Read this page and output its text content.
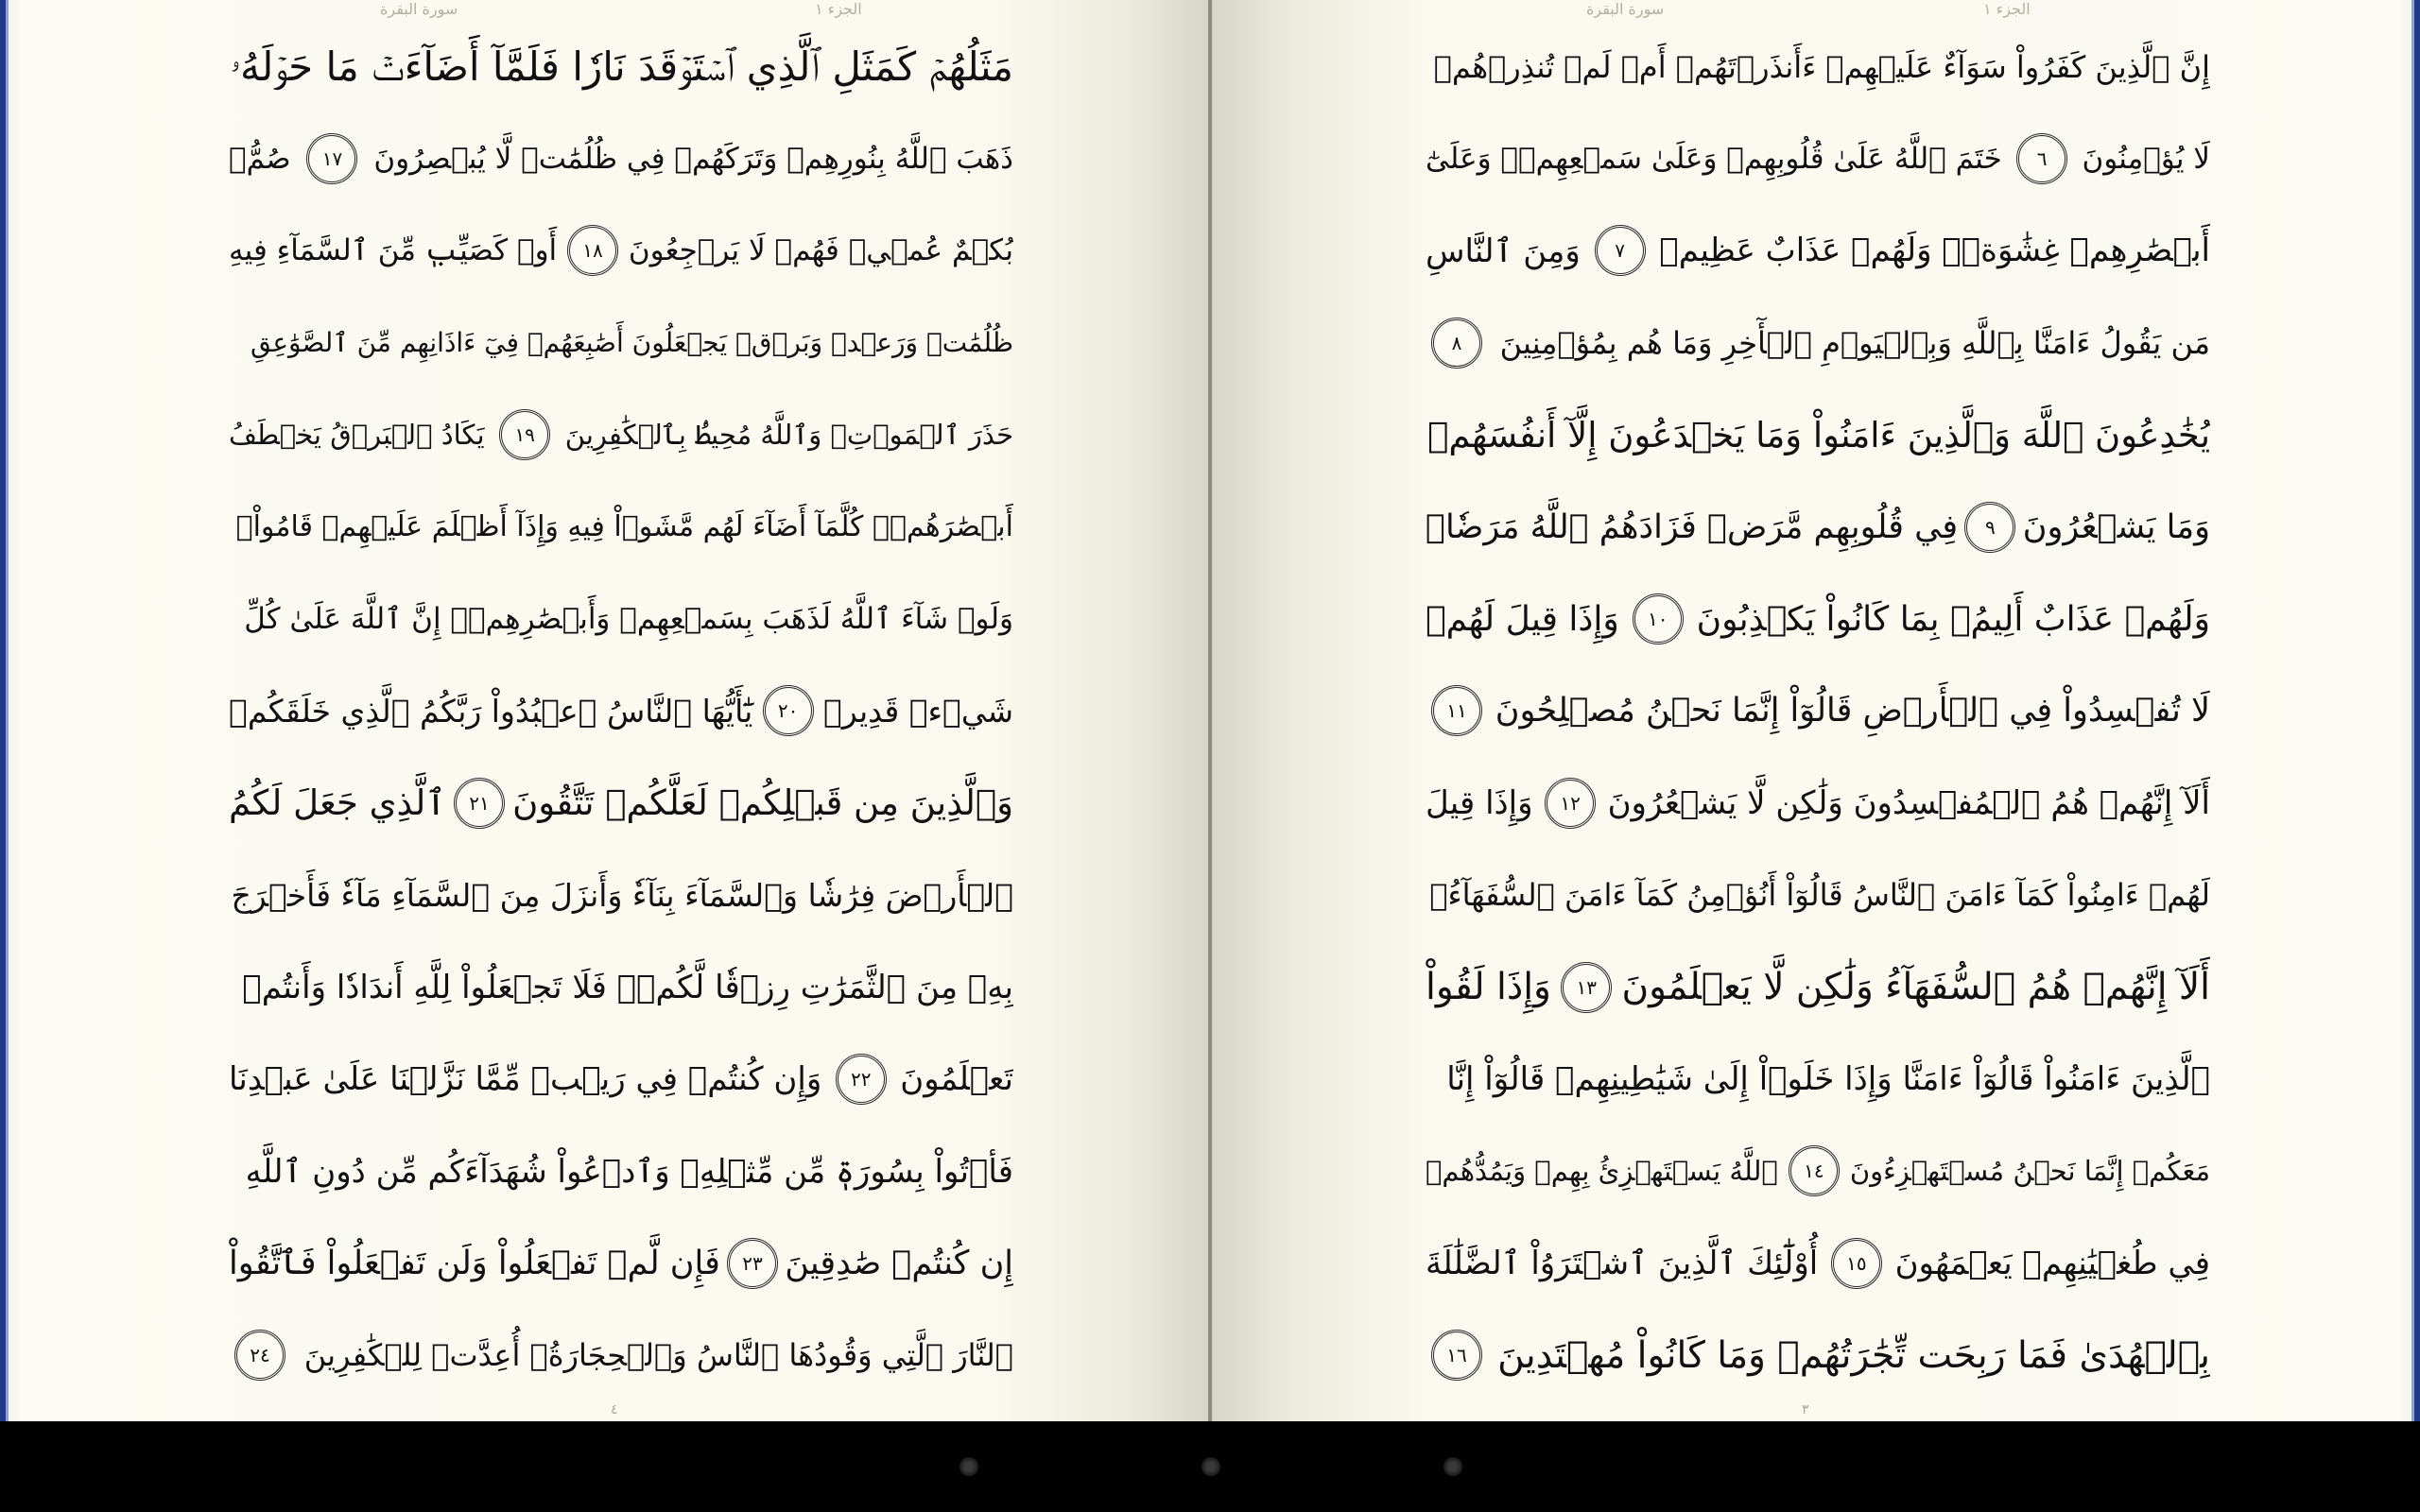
سورة البقرة	الجزء ١
مَثَلُهُمۡ كَمَثَلِ ٱلَّذِي ٱسۡتَوۡقَدَ نَارٗا فَلَمَّآ أَضَآءَتۡ مَا حَوۡلَهُۥ
ذَهَبَ ٱللَّهُ بِنُورِهِمۡ وَتَرَكَهُمۡ فِي ظُلُمَٰتٖ لَّا يُبۡصِرُونَ
١٧
صُمُّۢ
بُكۡمٌ عُمۡيٞ فَهُمۡ لَا يَرۡجِعُونَ
١٨
أَوۡ كَصَيِّبٖ مِّنَ ٱلسَّمَآءِ فِيهِ
ظُلُمَٰتٞ وَرَعۡدٞ وَبَرۡقٞ يَجۡعَلُونَ أَصَٰبِعَهُمۡ فِيٓ ءَاذَانِهِم مِّنَ ٱلصَّوَٰعِقِ
حَذَرَ ٱلۡمَوۡتِۚ وَٱللَّهُ مُحِيطُۢ بِٱلۡكَٰفِرِينَ
١٩
يَكَادُ ٱلۡبَرۡقُ يَخۡطَفُ
أَبۡصَٰرَهُمۡۖ كُلَّمَآ أَضَآءَ لَهُم مَّشَوۡاْ فِيهِ وَإِذَآ أَظۡلَمَ عَلَيۡهِمۡ قَامُواْۚ
وَلَوۡ شَآءَ ٱللَّهُ لَذَهَبَ بِسَمۡعِهِمۡ وَأَبۡصَٰرِهِمۡۚ إِنَّ ٱللَّهَ عَلَىٰ كُلِّ
شَيۡءٖ قَدِيرٞ
٢٠
يَٰٓأَيُّهَا ٱلنَّاسُ ٱعۡبُدُواْ رَبَّكُمُ ٱلَّذِي خَلَقَكُمۡ
وَٱلَّذِينَ مِن قَبۡلِكُمۡ لَعَلَّكُمۡ تَتَّقُونَ
٢١
ٱلَّذِي جَعَلَ لَكُمُ
ٱلۡأَرۡضَ فِرَٰشٗا وَٱلسَّمَآءَ بِنَآءٗ وَأَنزَلَ مِنَ ٱلسَّمَآءِ مَآءٗ فَأَخۡرَجَ
بِهِۦ مِنَ ٱلثَّمَرَٰتِ رِزۡقٗا لَّكُمۡۖ فَلَا تَجۡعَلُواْ لِلَّهِ أَندَادٗا وَأَنتُمۡ
تَعۡلَمُونَ
٢٢
وَإِن كُنتُمۡ فِي رَيۡبٖ مِّمَّا نَزَّلۡنَا عَلَىٰ عَبۡدِنَا
فَأۡتُواْ بِسُورَةٖ مِّن مِّثۡلِهِۦ وَٱدۡعُواْ شُهَدَآءَكُم مِّن دُونِ ٱللَّهِ
إِن كُنتُمۡ صَٰدِقِينَ
٢٣
فَإِن لَّمۡ تَفۡعَلُواْ وَلَن تَفۡعَلُواْ فَٱتَّقُواْ
ٱلنَّارَ ٱلَّتِي وَقُودُهَا ٱلنَّاسُ وَٱلۡحِجَارَةُۖ أُعِدَّتۡ لِلۡكَٰفِرِينَ
٢٤
٤
سورة البقرة	الجزء ١
إِنَّ ٱلَّذِينَ كَفَرُواْ سَوَآءٌ عَلَيۡهِمۡ ءَأَنذَرۡتَهُمۡ أَمۡ لَمۡ تُنذِرۡهُمۡ
لَا يُؤۡمِنُونَ
٦
خَتَمَ ٱللَّهُ عَلَىٰ قُلُوبِهِمۡ وَعَلَىٰ سَمۡعِهِمۡۖ وَعَلَىٰٓ
أَبۡصَٰرِهِمۡ غِشَٰوَةٞۖ وَلَهُمۡ عَذَابٌ عَظِيمٞ
٧
وَمِنَ ٱلنَّاسِ
مَن يَقُولُ ءَامَنَّا بِٱللَّهِ وَبِٱلۡيَوۡمِ ٱلۡأٓخِرِ وَمَا هُم بِمُؤۡمِنِينَ
٨
يُخَٰدِعُونَ ٱللَّهَ وَٱلَّذِينَ ءَامَنُواْ وَمَا يَخۡدَعُونَ إِلَّآ أَنفُسَهُمۡ
وَمَا يَشۡعُرُونَ
٩
فِي قُلُوبِهِم مَّرَضٞ فَزَادَهُمُ ٱللَّهُ مَرَضٗاۖ
وَلَهُمۡ عَذَابٌ أَلِيمُۢ بِمَا كَانُواْ يَكۡذِبُونَ
١٠
وَإِذَا قِيلَ لَهُمۡ
لَا تُفۡسِدُواْ فِي ٱلۡأَرۡضِ قَالُوٓاْ إِنَّمَا نَحۡنُ مُصۡلِحُونَ
١١
أَلَآ إِنَّهُمۡ هُمُ ٱلۡمُفۡسِدُونَ وَلَٰكِن لَّا يَشۡعُرُونَ
١٢
وَإِذَا قِيلَ
لَهُمۡ ءَامِنُواْ كَمَآ ءَامَنَ ٱلنَّاسُ قَالُوٓاْ أَنُؤۡمِنُ كَمَآ ءَامَنَ ٱلسُّفَهَآءُۗ
أَلَآ إِنَّهُمۡ هُمُ ٱلسُّفَهَآءُ وَلَٰكِن لَّا يَعۡلَمُونَ
١٣
وَإِذَا لَقُواْ
ٱلَّذِينَ ءَامَنُواْ قَالُوٓاْ ءَامَنَّا وَإِذَا خَلَوۡاْ إِلَىٰ شَيَٰطِينِهِمۡ قَالُوٓاْ إِنَّا
مَعَكُمۡ إِنَّمَا نَحۡنُ مُسۡتَهۡزِءُونَ
١٤
ٱللَّهُ يَسۡتَهۡزِئُ بِهِمۡ وَيَمُدُّهُمۡ
فِي طُغۡيَٰنِهِمۡ يَعۡمَهُونَ
١٥
أُوْلَٰٓئِكَ ٱلَّذِينَ ٱشۡتَرَوُاْ ٱلضَّلَٰلَةَ
بِٱلۡهُدَىٰ فَمَا رَبِحَت تِّجَٰرَتُهُمۡ وَمَا كَانُواْ مُهۡتَدِينَ
١٦
٣
